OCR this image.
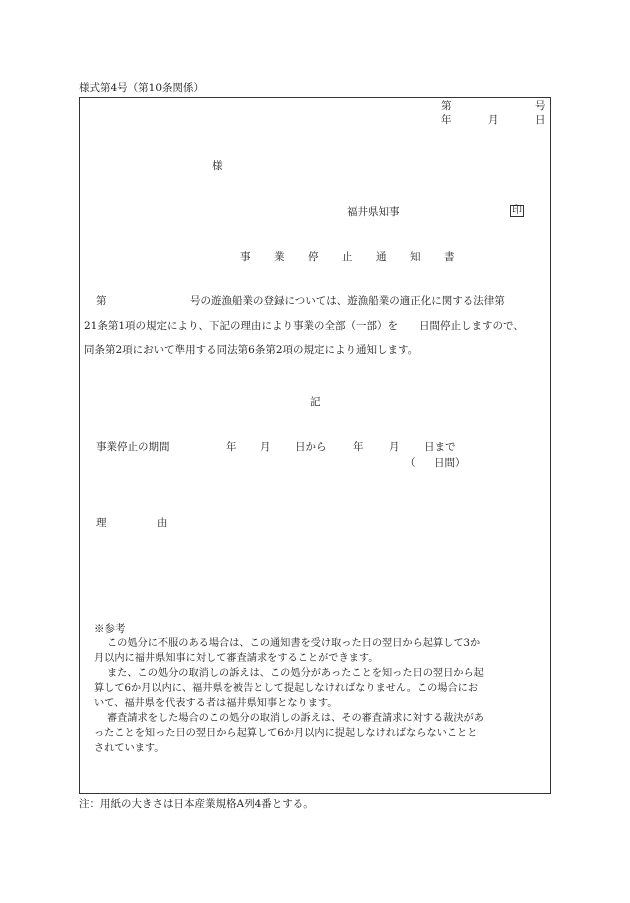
様式第4号（第10条関係）
第	号
年	月	日
様
福井県知事	印
事 業 停 止 通 知 書
第	号の遊漁船業の登録については、遊漁船業の適正化に関する法律第
21条第1項の規定により、下記の理由により事業の全部（一部）を　　日間停止しますので、
同条第2項において準用する同法第6条第2項の規定により通知します。
記
事業停止の期間	年 月 日から	年 月 日まで
（ 日間）
理	由
※参考
この処分に不服のある場合は、この通知書を受け取った日の翌日から起算して3か
月以内に福井県知事に対して審査請求をすることができます。
また、この処分の取消しの訴えは、この処分があったことを知った日の翌日から起
算して6か月以内に、福井県を被告として提起しなければなりません。この場合にお
いて、福井県を代表する者は福井県知事となります。
審査請求をした場合のこの処分の取消しの訴えは、その審査請求に対する裁決があ
ったことを知った日の翌日から起算して6か月以内に提起しなければならないことと
されています。
注：用紙の大きさは日本産業規格A列4番とする。
